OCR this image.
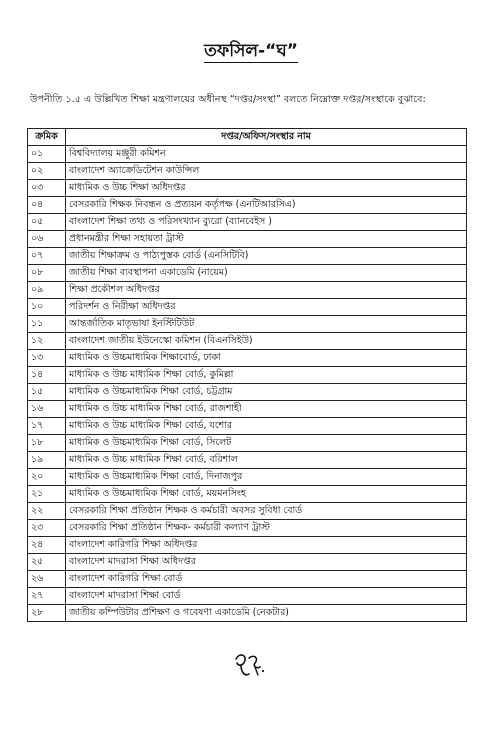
তফসিল-“ঘ”
উপনীতি ১.৫ এ উল্লিখিত শিক্ষা মন্ত্রণালয়ের অধীনস্থ “দপ্তর/সংস্থা” বলতে নিম্নোক্ত দপ্তর/সংস্থাকে বুঝাবে:
ক্রমিক	দপ্তর/অফিস/সংস্থার নাম
০১	বিশ্ববিদ্যালয় মঞ্জুরী কমিশন
০২	বাংলাদেশ অ্যাক্রেডিটেশন কাউন্সিল
০৩	মাধ্যমিক ও উচ্চ শিক্ষা অধিদপ্তর
০৪	বেসরকারি শিক্ষক নিবন্ধন ও প্রত্যয়ন কর্তৃপক্ষ (এনটিআরসিএ)
০৫	বাংলাদেশ শিক্ষা তথ্য ও পরিসংখ্যান ব্যুরো (ব্যানবেইস )
০৬	প্রধানমন্ত্রীর শিক্ষা সহায়তা ট্রাস্ট
০৭	জাতীয় শিক্ষাক্রম ও পাঠ্যপুস্তক বোর্ড (এনসিটিবি)
০৮	জাতীয় শিক্ষা ব্যবস্থাপনা একাডেমি (নায়েম)
০৯	শিক্ষা প্রকৌশল অধিদপ্তর
১০	পরিদর্শন ও নিরীক্ষা অধিদপ্তর
১১	আন্তর্জাতিক মাতৃভাষা ইনস্টিটিউট
১২	বাংলাদেশ জাতীয় ইউনেস্কো কমিশন (বিএনসিইউ)
১৩	মাধ্যমিক ও উচ্চমাধ্যমিক শিক্ষাবোর্ড, ঢাকা
১৪	মাধ্যমিক ও উচ্চ মাধ্যমিক শিক্ষা বোর্ড, কুমিল্লা
১৫	মাধ্যমিক ও উচ্চমাধ্যমিক শিক্ষা বোর্ড, চট্টগ্রাম
১৬	মাধ্যমিক ও উচ্চ মাধ্যমিক শিক্ষা বোর্ড, রাজশাহী
১৭	মাধ্যমিক ও উচ্চ মাধ্যমিক শিক্ষা বোর্ড, যশোর
১৮	মাধ্যমিক ও উচ্চমাধ্যমিক শিক্ষা বোর্ড, সিলেট
১৯	মাধ্যমিক ও উচ্চ মাধ্যমিক শিক্ষা বোর্ড, বরিশাল
২০	মাধ্যমিক ও উচ্চমাধ্যমিক শিক্ষা বোর্ড, দিনাজপুর
২১	মাধ্যমিক ও উচ্চমাধ্যমিক শিক্ষা বোর্ড, ময়মনসিংহ
২২	বেসরকারি শিক্ষা প্রতিষ্ঠান শিক্ষক ও কর্মচারী অবসর সুবিধা বোর্ড
২৩	বেসরকারি শিক্ষা প্রতিষ্ঠান শিক্ষক- কর্মচারী কল্যাণ ট্রাস্ট
২৪	বাংলাদেশ কারিগরি শিক্ষা অধিদপ্তর
২৫	বাংলাদেশ মাদরাসা শিক্ষা অধিদপ্তর
২৬	বাংলাদেশ কারিগরি শিক্ষা বোর্ড
২৭	বাংলাদেশ মাদরাসা শিক্ষা বোর্ড
২৮	জাতীয় কম্পিউটার প্রশিক্ষণ ও গবেষণা একাডেমি (নেকটার)
